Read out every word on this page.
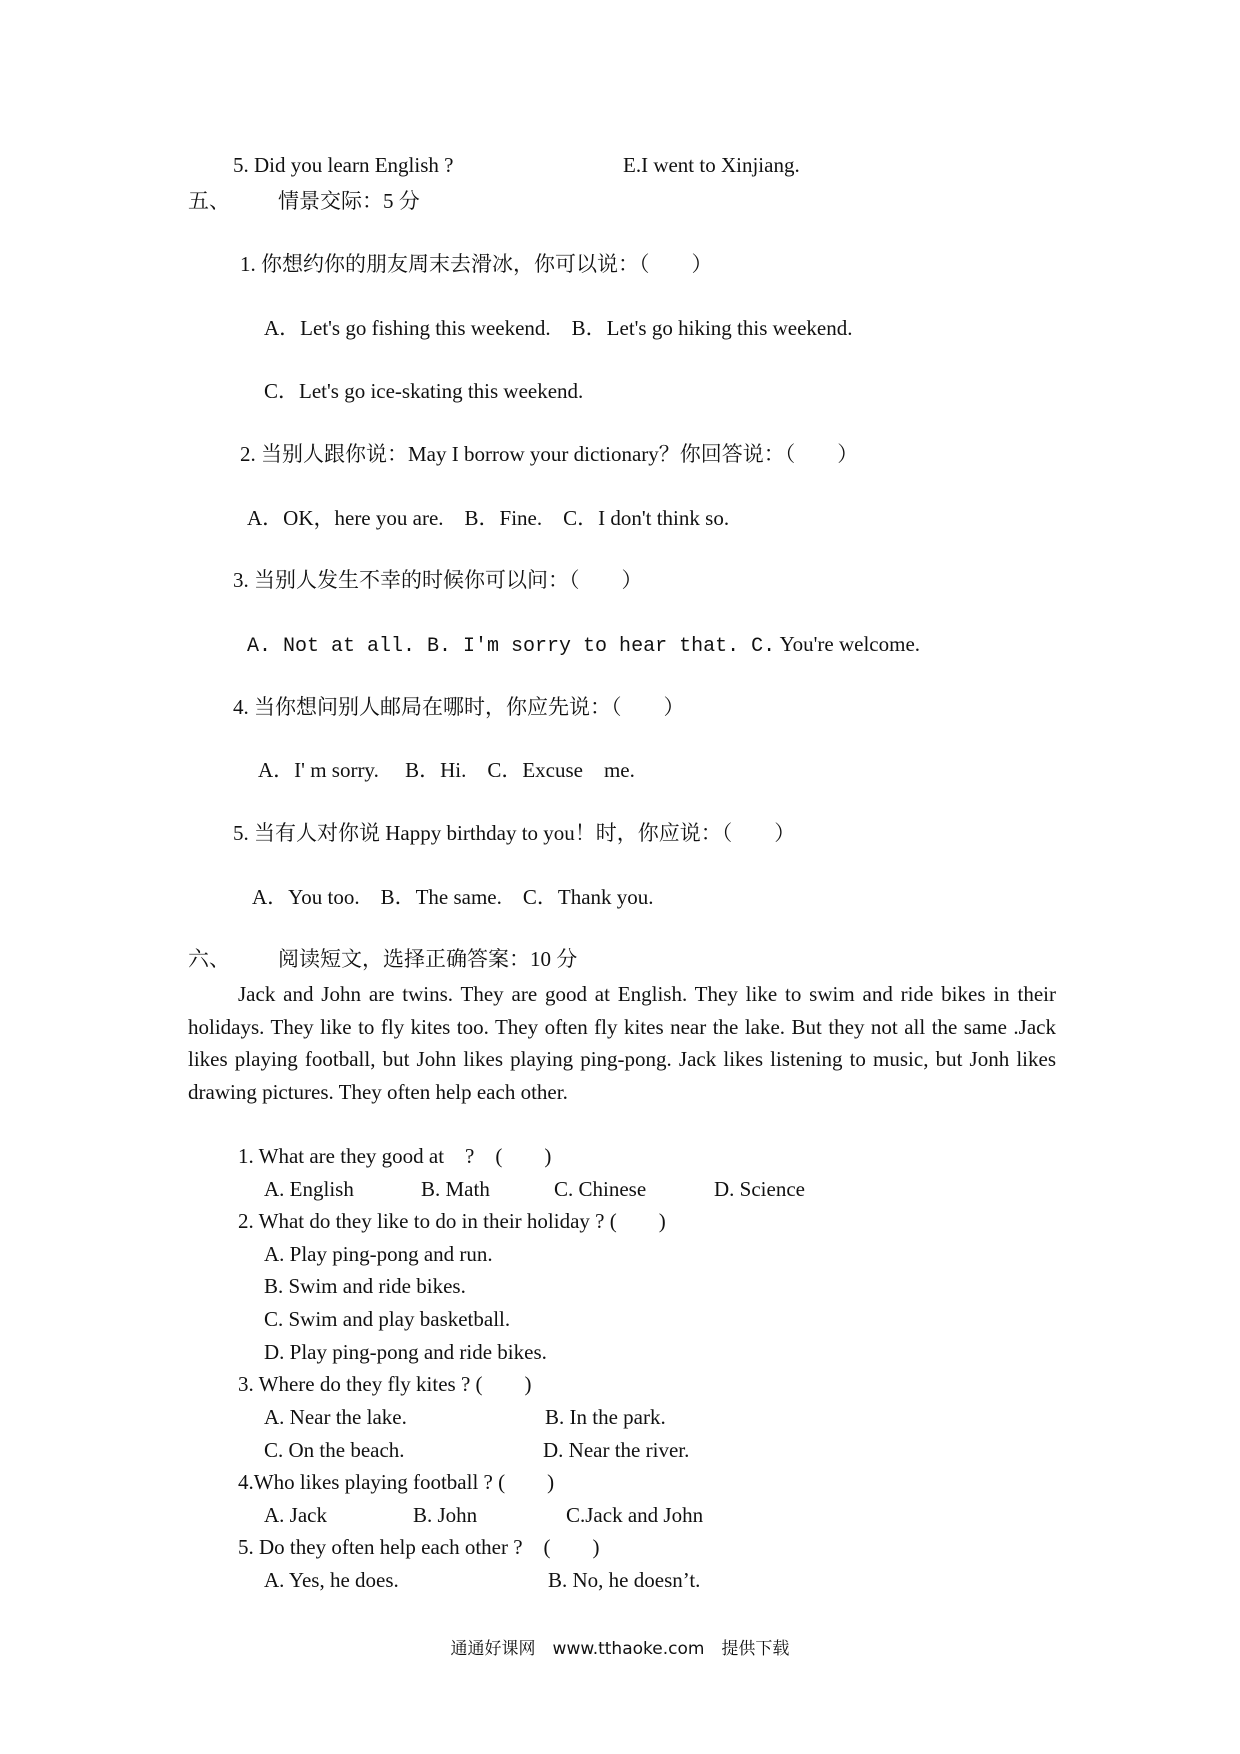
5. Did you learn English ?	E.I went to Xinjiang.
五、 情景交际：5 分
1. 你想约你的朋友周末去滑冰，你可以说：（　　）
A．Let's go fishing this weekend.　B．Let's go hiking this weekend.
C．Let's go ice-skating this weekend.
2. 当别人跟你说：May I borrow your dictionary？你回答说：（　　）
A．OK，here you are.　B．Fine.　C．I don't think so.
3. 当别人发生不幸的时候你可以问：（　　）
A. Not at all. B. I'm sorry to hear that. C. You're welcome.
4. 当你想问别人邮局在哪时，你应先说：（　　）
A．I' m sorry.　 B．Hi.　C．Excuse　me.
5. 当有人对你说 Happy birthday to you！时，你应说：（　　）
A．You too.　B．The same.　C．Thank you.
六、 阅读短文，选择正确答案：10 分
Jack and John are twins. They are good at English. They like to swim and ride bikes in their holidays. They like to fly kites too. They often fly kites near the lake. But they not all the same .Jack likes playing football, but John likes playing ping-pong. Jack likes listening to music, but Jonh likes drawing pictures. They often help each other.
1. What are they good at　?　(　　)
A. English	B. Math	C. Chinese	D. Science
2. What do they like to do in their holiday ? (　　)
A. Play ping-pong and run.
B. Swim and ride bikes.
C. Swim and play basketball.
D. Play ping-pong and ride bikes.
3. Where do they fly kites ? (　　)
A. Near the lake.	B. In the park.
C. On the beach.	D. Near the river.
4.Who likes playing football ? (　　)
A. Jack	B. John	C.Jack and John
5. Do they often help each other ?　(　　)
A. Yes, he does.	B. No, he doesn’t.
通通好课网　www.tthaoke.com　提供下载
